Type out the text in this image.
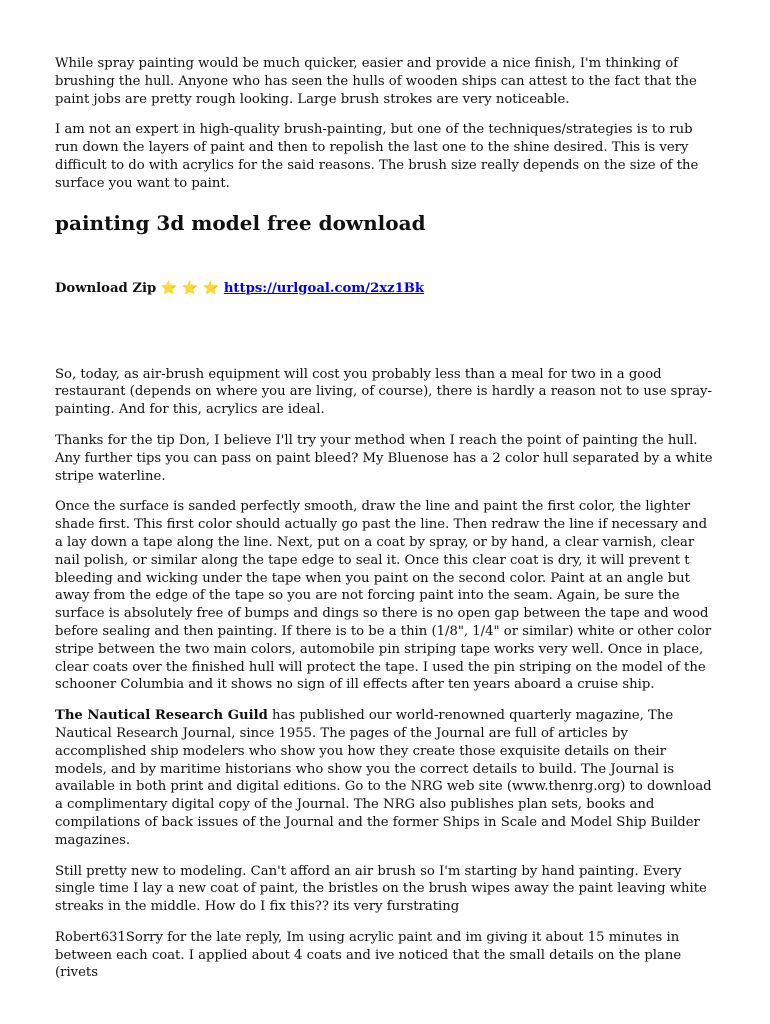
While spray painting would be much quicker, easier and provide a nice finish, I'm thinking of brushing the hull. Anyone who has seen the hulls of wooden ships can attest to the fact that the paint jobs are pretty rough looking. Large brush strokes are very noticeable.

I am not an expert in high-quality brush-painting, but one of the techniques/strategies is to rub run down the layers of paint and then to repolish the last one to the shine desired. This is very difficult to do with acrylics for the said reasons. The brush size really depends on the size of the surface you want to paint.

painting 3d model free download
Download Zip ⭐ ⭐ ⭐ https://urlgoal.com/2xz1Bk

So, today, as air-brush equipment will cost you probably less than a meal for two in a good restaurant (depends on where you are living, of course), there is hardly a reason not to use spray-painting. And for this, acrylics are ideal.

Thanks for the tip Don, I believe I'll try your method when I reach the point of painting the hull. Any further tips you can pass on paint bleed? My Bluenose has a 2 color hull separated by a white stripe waterline.

Once the surface is sanded perfectly smooth, draw the line and paint the first color, the lighter shade first. This first color should actually go past the line. Then redraw the line if necessary and a lay down a tape along the line. Next, put on a coat by spray, or by hand, a clear varnish, clear nail polish, or similar along the tape edge to seal it. Once this clear coat is dry, it will prevent t bleeding and wicking under the tape when you paint on the second color. Paint at an angle but away from the edge of the tape so you are not forcing paint into the seam. Again, be sure the surface is absolutely free of bumps and dings so there is no open gap between the tape and wood before sealing and then painting. If there is to be a thin (1/8", 1/4" or similar) white or other color stripe between the two main colors, automobile pin striping tape works very well. Once in place, clear coats over the finished hull will protect the tape. I used the pin striping on the model of the schooner Columbia and it shows no sign of ill effects after ten years aboard a cruise ship.

The Nautical Research Guild has published our world-renowned quarterly magazine, The Nautical Research Journal, since 1955. The pages of the Journal are full of articles by accomplished ship modelers who show you how they create those exquisite details on their models, and by maritime historians who show you the correct details to build. The Journal is available in both print and digital editions. Go to the NRG web site (www.thenrg.org) to download a complimentary digital copy of the Journal. The NRG also publishes plan sets, books and compilations of back issues of the Journal and the former Ships in Scale and Model Ship Builder magazines.

Still pretty new to modeling. Can't afford an air brush so I'm starting by hand painting. Every single time I lay a new coat of paint, the bristles on the brush wipes away the paint leaving white streaks in the middle. How do I fix this?? its very furstrating

Robert631Sorry for the late reply, Im using acrylic paint and im giving it about 15 minutes in between each coat. I applied about 4 coats and ive noticed that the small details on the plane (rivets
